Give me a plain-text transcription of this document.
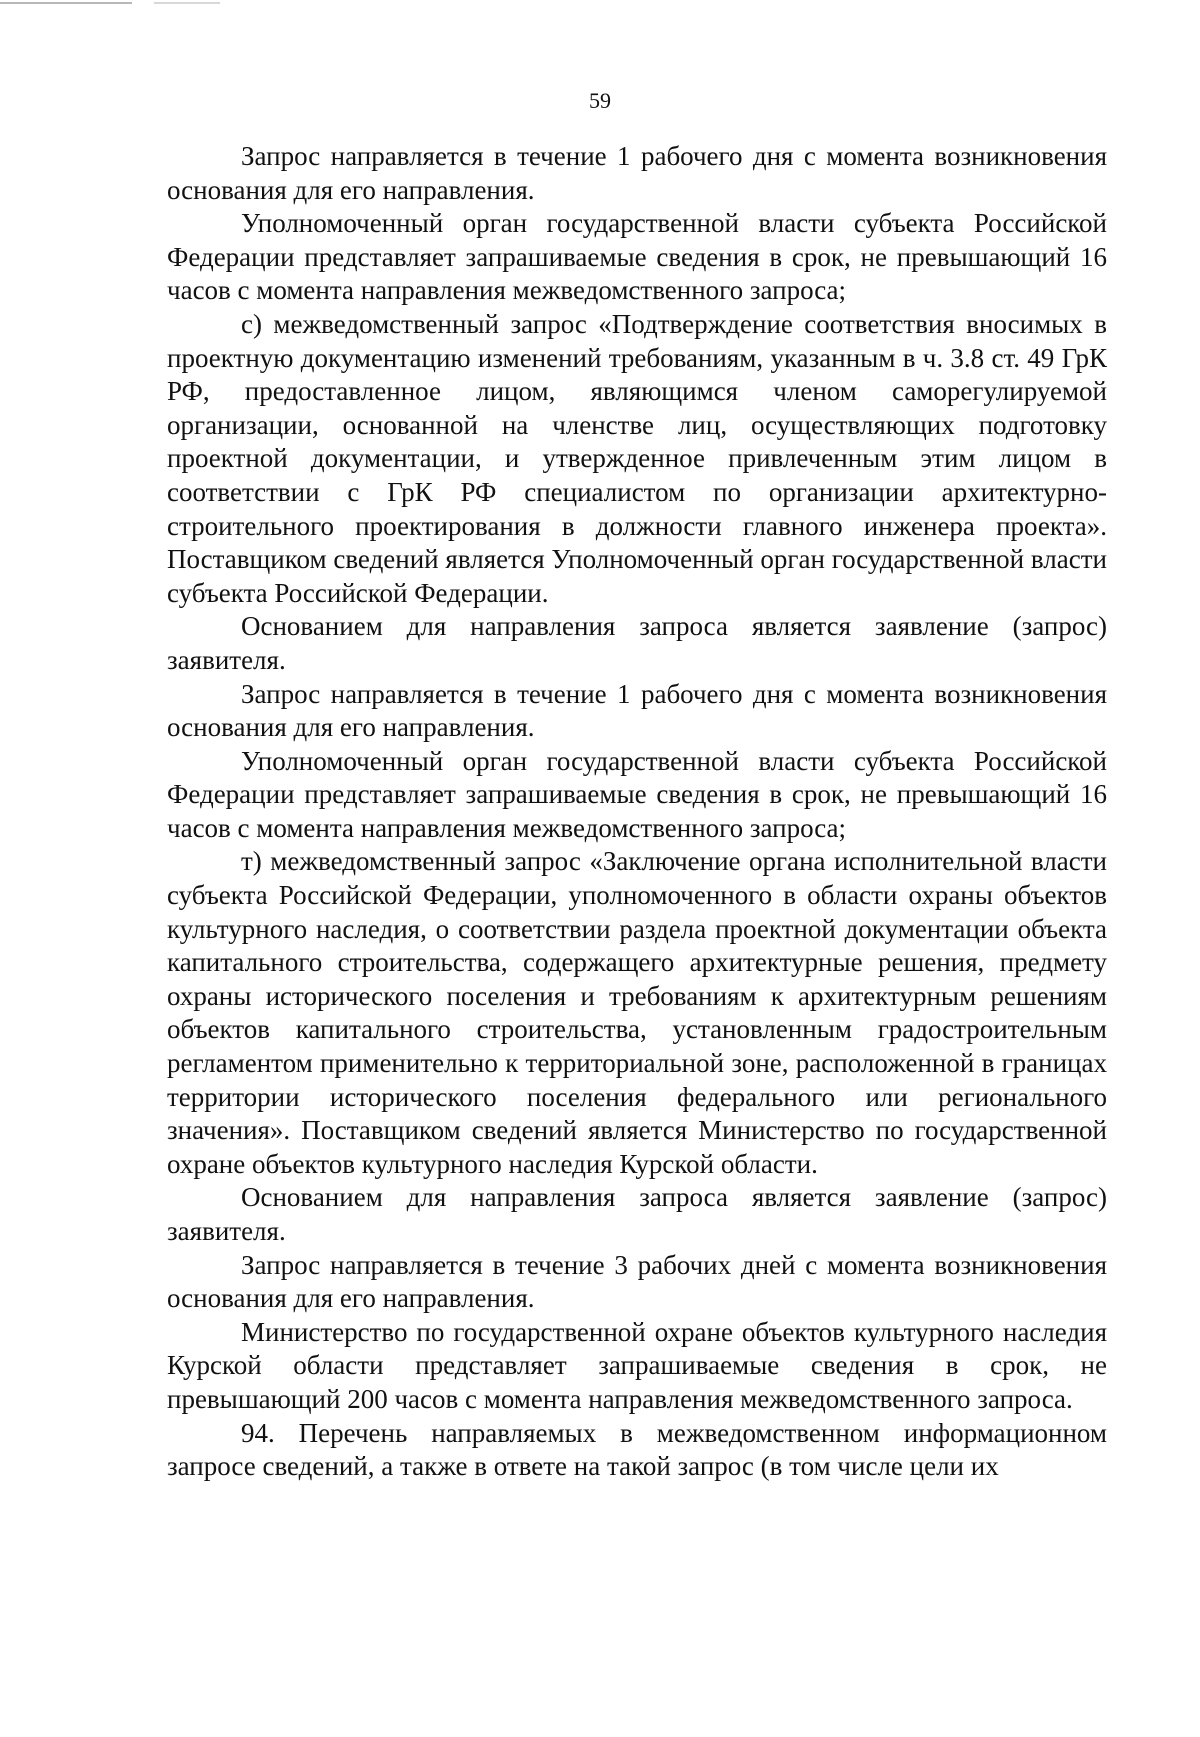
59

Запрос направляется в течение 1 рабочего дня с момента возникновения основания для его направления.

Уполномоченный орган государственной власти субъекта Российской Федерации представляет запрашиваемые сведения в срок, не превышающий 16 часов с момента направления межведомственного запроса;

с) межведомственный запрос «Подтверждение соответствия вносимых в проектную документацию изменений требованиям, указанным в ч. 3.8 ст. 49 ГрК РФ, предоставленное лицом, являющимся членом саморегулируемой организации, основанной на членстве лиц, осуществляющих подготовку проектной документации, и утвержденное привлеченным этим лицом в соответствии с ГрК РФ специалистом по организации архитектурно-строительного проектирования в должности главного инженера проекта». Поставщиком сведений является Уполномоченный орган государственной власти субъекта Российской Федерации.

Основанием для направления запроса является заявление (запрос) заявителя.

Запрос направляется в течение 1 рабочего дня с момента возникновения основания для его направления.

Уполномоченный орган государственной власти субъекта Российской Федерации представляет запрашиваемые сведения в срок, не превышающий 16 часов с момента направления межведомственного запроса;

т) межведомственный запрос «Заключение органа исполнительной власти субъекта Российской Федерации, уполномоченного в области охраны объектов культурного наследия, о соответствии раздела проектной документации объекта капитального строительства, содержащего архитектурные решения, предмету охраны исторического поселения и требованиям к архитектурным решениям объектов капитального строительства, установленным градостроительным регламентом применительно к территориальной зоне, расположенной в границах территории исторического поселения федерального или регионального значения». Поставщиком сведений является Министерство по государственной охране объектов культурного наследия Курской области.

Основанием для направления запроса является заявление (запрос) заявителя.

Запрос направляется в течение 3 рабочих дней с момента возникновения основания для его направления.

Министерство по государственной охране объектов культурного наследия Курской области представляет запрашиваемые сведения в срок, не превышающий 200 часов с момента направления межведомственного запроса.

94. Перечень направляемых в межведомственном информационном запросе сведений, а также в ответе на такой запрос (в том числе цели их
